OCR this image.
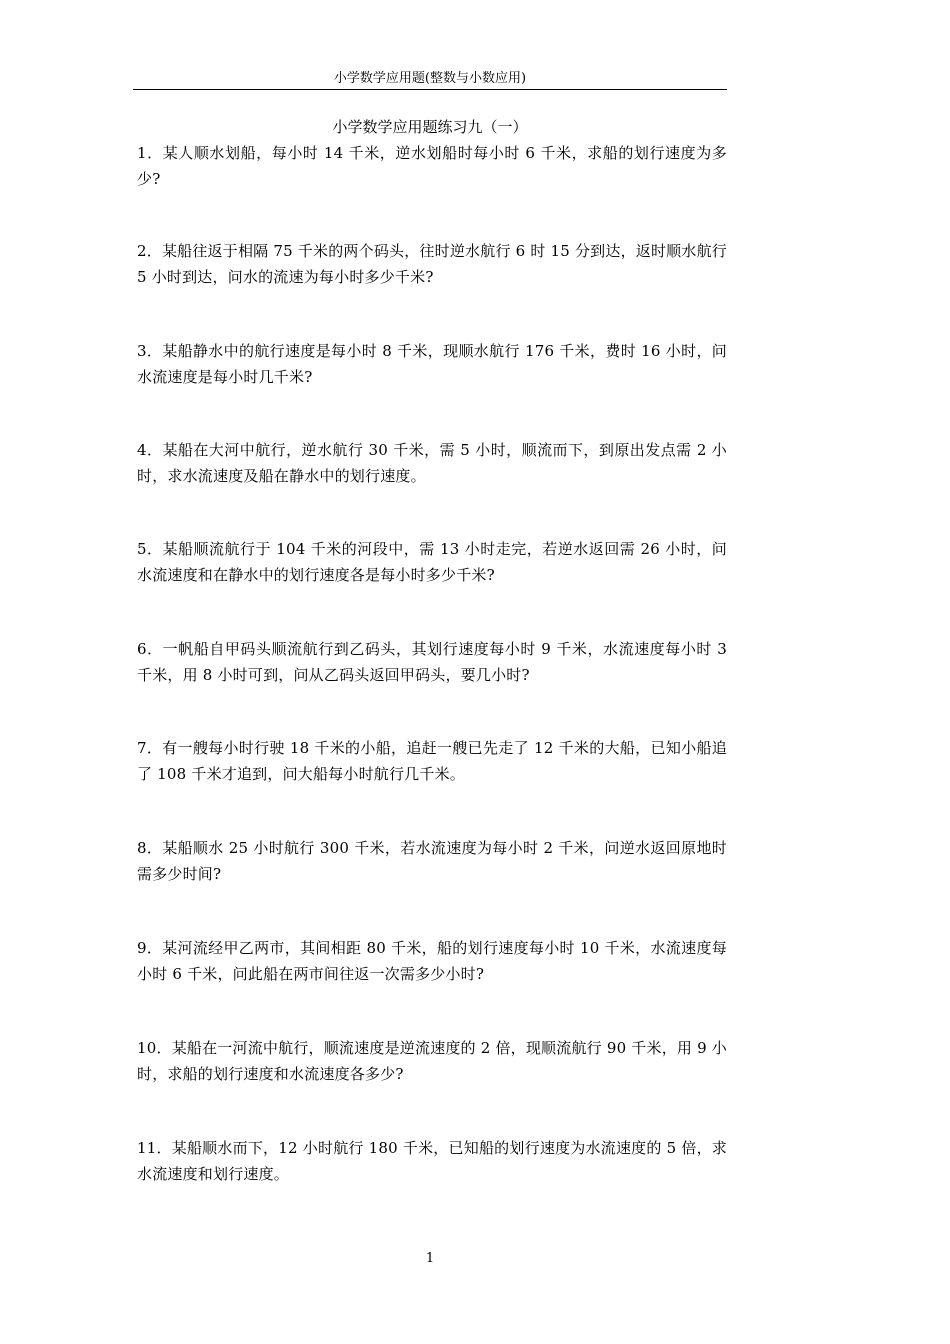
小学数学应用题(整数与小数应用)
小学数学应用题练习九（一）
1．某人顺水划船，每小时 14 千米，逆水划船时每小时 6 千米，求船的划行速度为多少?
2．某船往返于相隔 75 千米的两个码头，往时逆水航行 6 时 15 分到达，返时顺水航行 5 小时到达，问水的流速为每小时多少千米?
3．某船静水中的航行速度是每小时 8 千米，现顺水航行 176 千米，费时 16 小时，问水流速度是每小时几千米?
4．某船在大河中航行，逆水航行 30 千米，需 5 小时，顺流而下，到原出发点需 2 小时，求水流速度及船在静水中的划行速度。
5．某船顺流航行于 104 千米的河段中，需 13 小时走完，若逆水返回需 26 小时，问水流速度和在静水中的划行速度各是每小时多少千米?
6．一帆船自甲码头顺流航行到乙码头，其划行速度每小时 9 千米，水流速度每小时 3 千米，用 8 小时可到，问从乙码头返回甲码头，要几小时?
7．有一艘每小时行驶 18 千米的小船，追赶一艘已先走了 12 千米的大船，已知小船追了 108 千米才追到，问大船每小时航行几千米。
8．某船顺水 25 小时航行 300 千米，若水流速度为每小时 2 千米，问逆水返回原地时需多少时间?
9．某河流经甲乙两市，其间相距 80 千米，船的划行速度每小时 10 千米，水流速度每小时 6 千米，问此船在两市间往返一次需多少小时?
10．某船在一河流中航行，顺流速度是逆流速度的 2 倍，现顺流航行 90 千米，用 9 小时，求船的划行速度和水流速度各多少?
11．某船顺水而下，12 小时航行 180 千米，已知船的划行速度为水流速度的 5 倍，求水流速度和划行速度。
1
